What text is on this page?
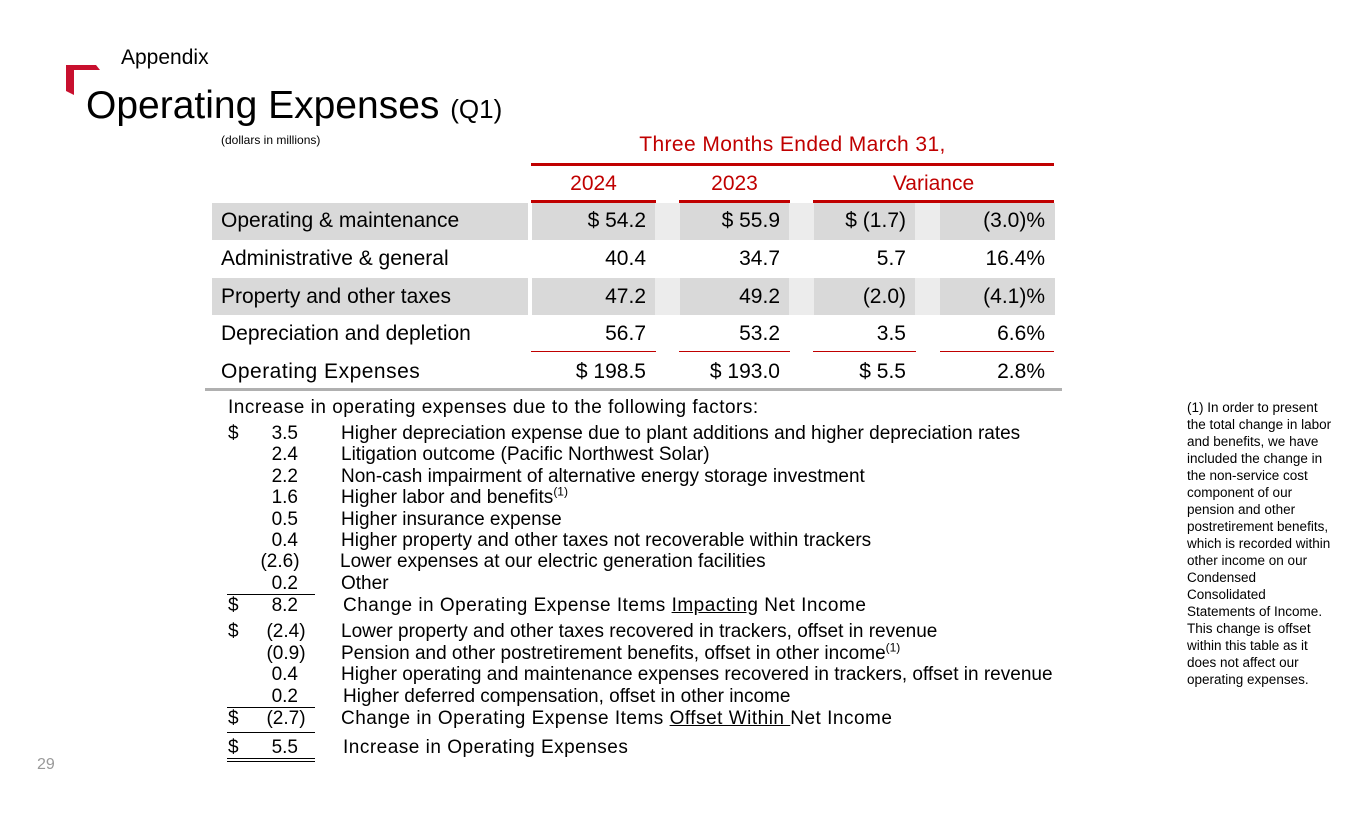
Appendix
Operating Expenses (Q1)
(dollars in millions)	Three Months Ended March 31,
2024	2023	Variance
Operating & maintenance	$ 54.2	$ 55.9	$ (1.7)	(3.0)%
Administrative & general	40.4	34.7	5.7	16.4%
Property and other taxes	47.2	49.2	(2.0)	(4.1)%
Depreciation and depletion	56.7	53.2	3.5	6.6%
Operating Expenses	$ 198.5	$ 193.0	$ 5.5	2.8%
Increase in operating expenses due to the following factors:
$	3.5 Higher depreciation expense due to plant additions and higher depreciation rates
2.4 Litigation outcome (Pacific Northwest Solar)
2.2 Non-cash impairment of alternative energy storage investment
1.6 Higher labor and benefits$^{(1)}$
0.5 Higher insurance expense
0.4 Higher property and other taxes not recoverable within trackers
(2.6)	Lower expenses at our electric generation facilities
0.2 Other
$	8.2 Change in Operating Expense Items Impacting Net Income
$	(2.4)	Lower property and other taxes recovered in trackers, offset in revenue
(0.9)	Pension and other postretirement benefits, offset in other income$^{(1)}$
0.4 Higher operating and maintenance expenses recovered in trackers, offset in revenue
0.2 Higher deferred compensation, offset in other income
$	(2.7)	Change in Operating Expense Items Offset Within Net Income
$	5.5 Increase in Operating Expenses
(1) In order to present the total change in labor and benefits, we have included the change in the non-service cost component of our pension and other postretirement benefits, which is recorded within other income on our Condensed Consolidated Statements of Income. This change is offset within this table as it does not affect our operating expenses.
29
